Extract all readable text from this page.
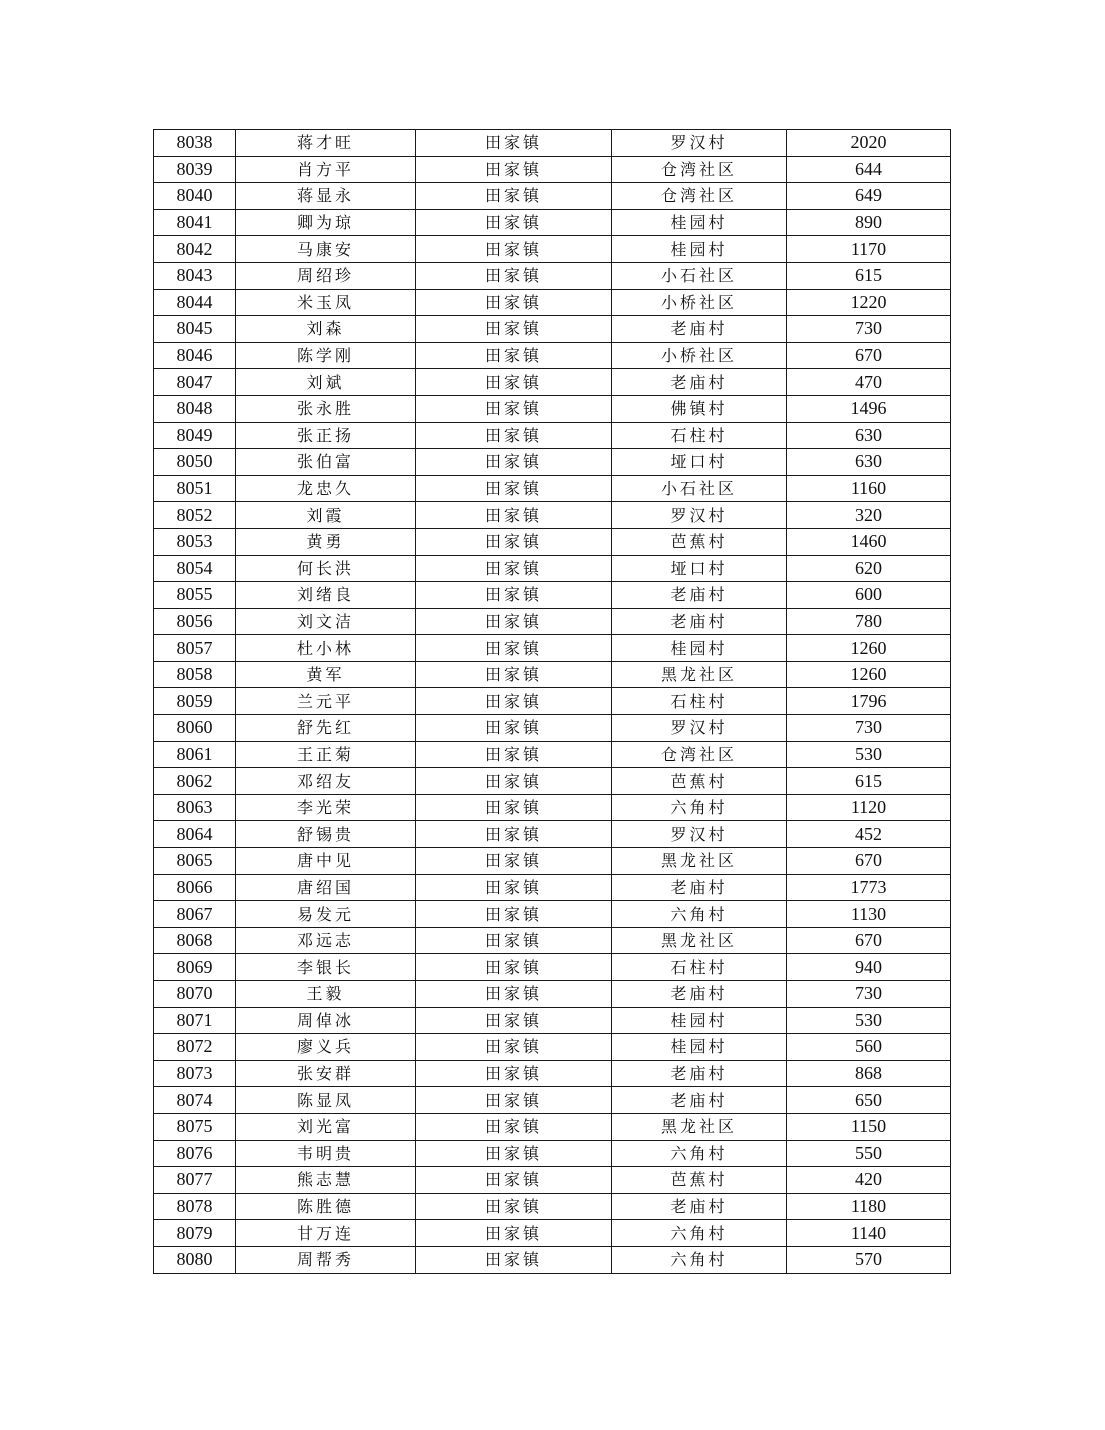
8038	蒋才旺	田家镇	罗汉村	2020
8039	肖方平	田家镇	仓湾社区	644
8040	蒋显永	田家镇	仓湾社区	649
8041	卿为琼	田家镇	桂园村	890
8042	马康安	田家镇	桂园村	1170
8043	周绍珍	田家镇	小石社区	615
8044	米玉凤	田家镇	小桥社区	1220
8045	刘森	田家镇	老庙村	730
8046	陈学刚	田家镇	小桥社区	670
8047	刘斌	田家镇	老庙村	470
8048	张永胜	田家镇	佛镇村	1496
8049	张正扬	田家镇	石柱村	630
8050	张伯富	田家镇	垭口村	630
8051	龙忠久	田家镇	小石社区	1160
8052	刘霞	田家镇	罗汉村	320
8053	黄勇	田家镇	芭蕉村	1460
8054	何长洪	田家镇	垭口村	620
8055	刘绪良	田家镇	老庙村	600
8056	刘文洁	田家镇	老庙村	780
8057	杜小林	田家镇	桂园村	1260
8058	黄军	田家镇	黑龙社区	1260
8059	兰元平	田家镇	石柱村	1796
8060	舒先红	田家镇	罗汉村	730
8061	王正菊	田家镇	仓湾社区	530
8062	邓绍友	田家镇	芭蕉村	615
8063	李光荣	田家镇	六角村	1120
8064	舒锡贵	田家镇	罗汉村	452
8065	唐中见	田家镇	黑龙社区	670
8066	唐绍国	田家镇	老庙村	1773
8067	易发元	田家镇	六角村	1130
8068	邓远志	田家镇	黑龙社区	670
8069	李银长	田家镇	石柱村	940
8070	王毅	田家镇	老庙村	730
8071	周倬冰	田家镇	桂园村	530
8072	廖义兵	田家镇	桂园村	560
8073	张安群	田家镇	老庙村	868
8074	陈显凤	田家镇	老庙村	650
8075	刘光富	田家镇	黑龙社区	1150
8076	韦明贵	田家镇	六角村	550
8077	熊志慧	田家镇	芭蕉村	420
8078	陈胜德	田家镇	老庙村	1180
8079	甘万连	田家镇	六角村	1140
8080	周帮秀	田家镇	六角村	570
